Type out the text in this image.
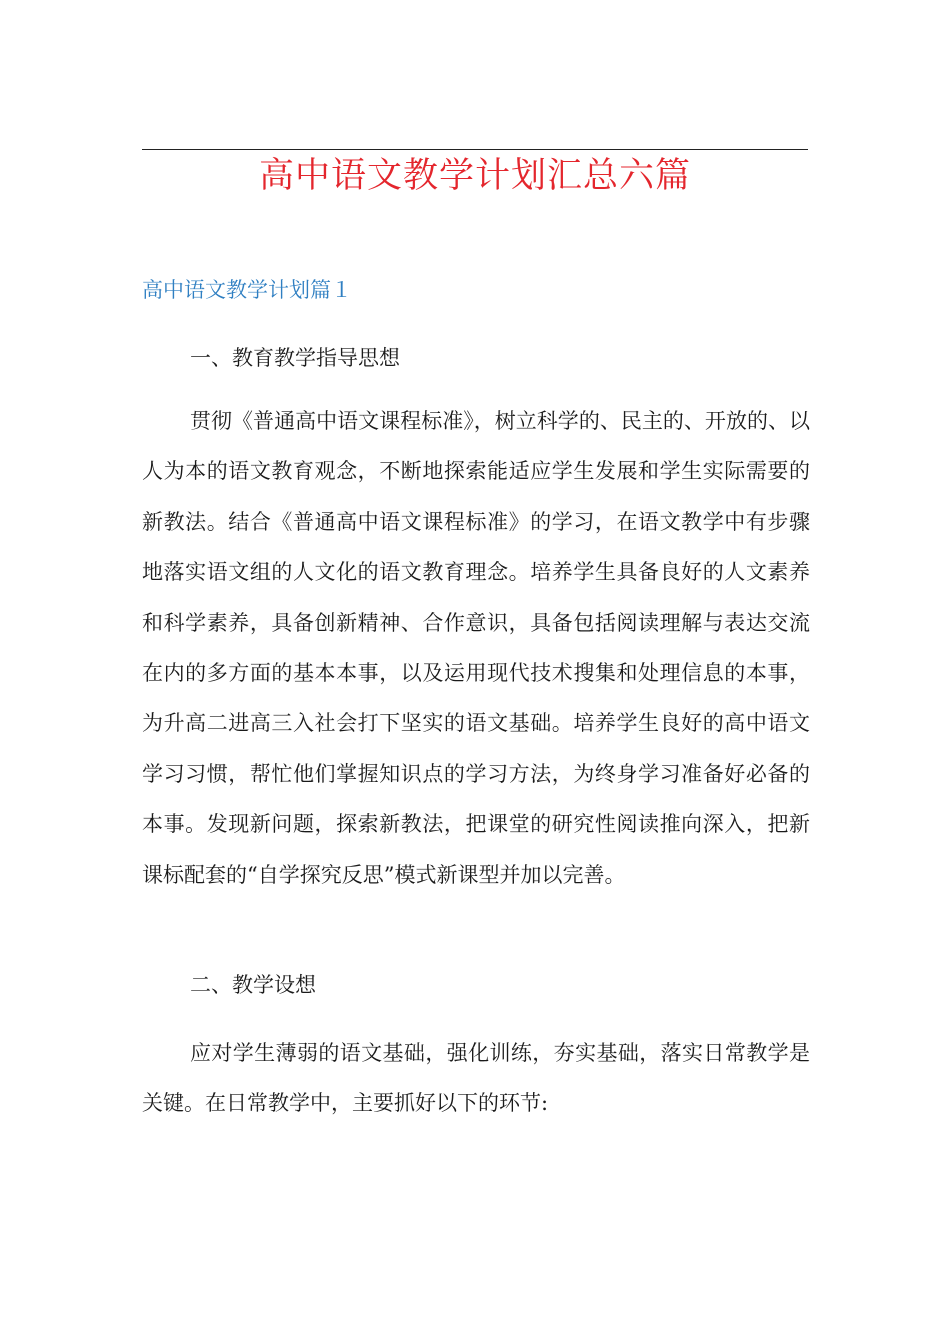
高中语文教学计划汇总六篇
高中语文教学计划篇１
一、教育教学指导思想
贯彻《普通高中语文课程标准》，树立科学的、民主的、开放的、以人为本的语文教育观念，不断地探索能适应学生发展和学生实际需要的新教法。结合《普通高中语文课程标准》的学习，在语文教学中有步骤地落实语文组的人文化的语文教育理念。培养学生具备良好的人文素养和科学素养，具备创新精神、合作意识，具备包括阅读理解与表达交流在内的多方面的基本本事，以及运用现代技术搜集和处理信息的本事，为升高二进高三入社会打下坚实的语文基础。培养学生良好的高中语文学习习惯，帮忙他们掌握知识点的学习方法，为终身学习准备好必备的本事。发现新问题，探索新教法，把课堂的研究性阅读推向深入，把新课标配套的“自学探究反思”模式新课型并加以完善。
二、教学设想
应对学生薄弱的语文基础，强化训练，夯实基础，落实日常教学是关键。在日常教学中，主要抓好以下的环节:
